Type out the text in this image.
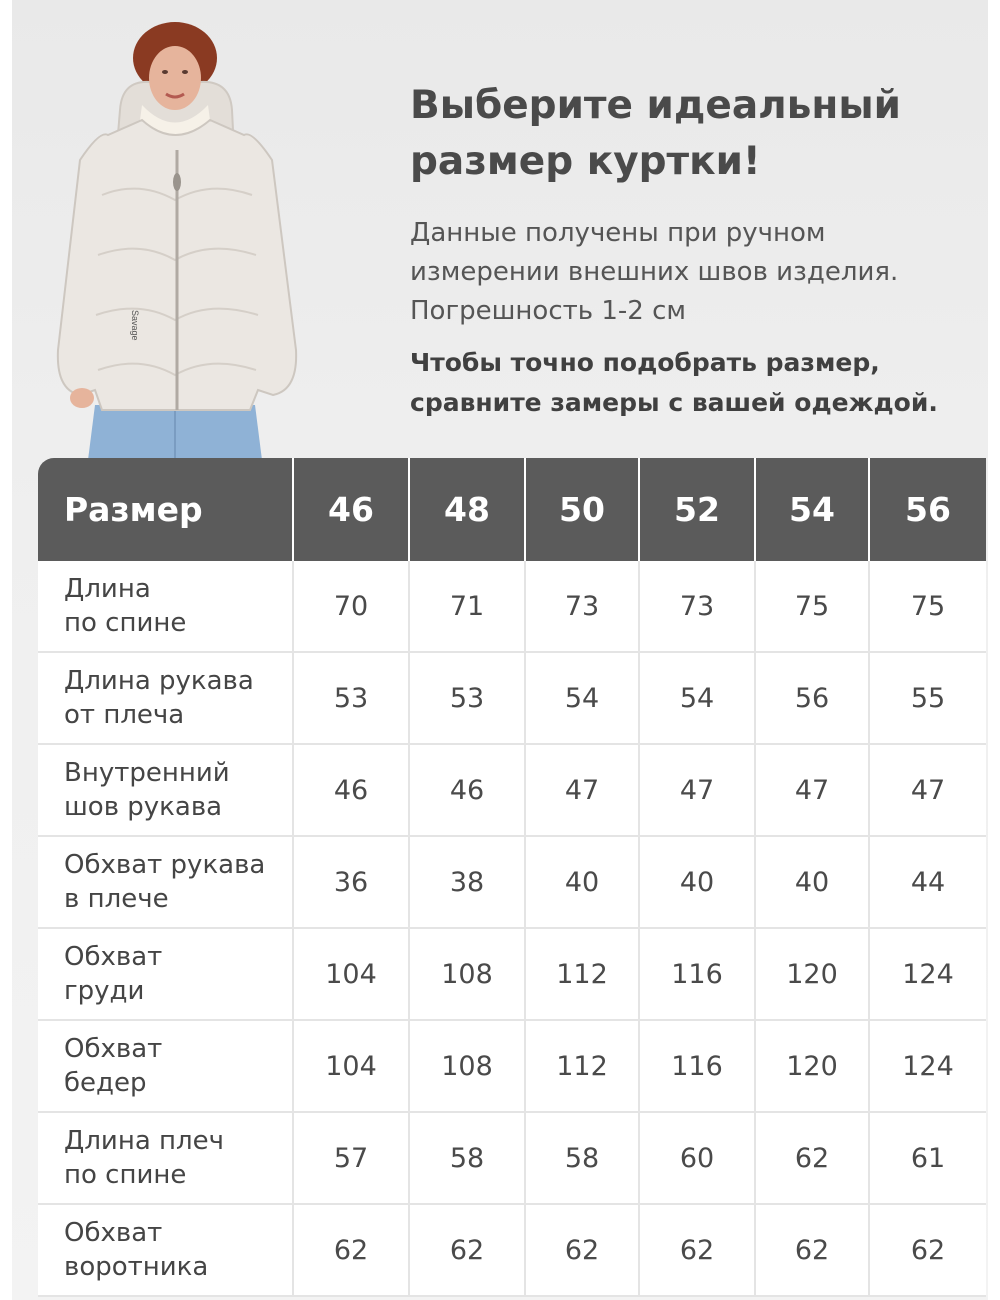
Savage
Выберите идеальный
размер куртки!

Данные получены при ручном
измерении внешних швов изделия.
Погрешность 1-2 см

Чтобы точно подобрать размер,
сравните замеры с вашей одеждой.

Размер	46	48	50	52	54	56

Длина
по спине	70	71	73	73	75	75

Длина рукава
от плеча	53	53	54	54	56	55

Внутренний
шов рукава	46	46	47	47	47	47

Обхват рукава
в плече	36	38	40	40	40	44

Обхват
груди	104	108	112	116	120	124

Обхват
бедер	104	108	112	116	120	124

Длина плеч
по спине	57	58	58	60	62	61

Обхват
воротника	62	62	62	62	62	62
